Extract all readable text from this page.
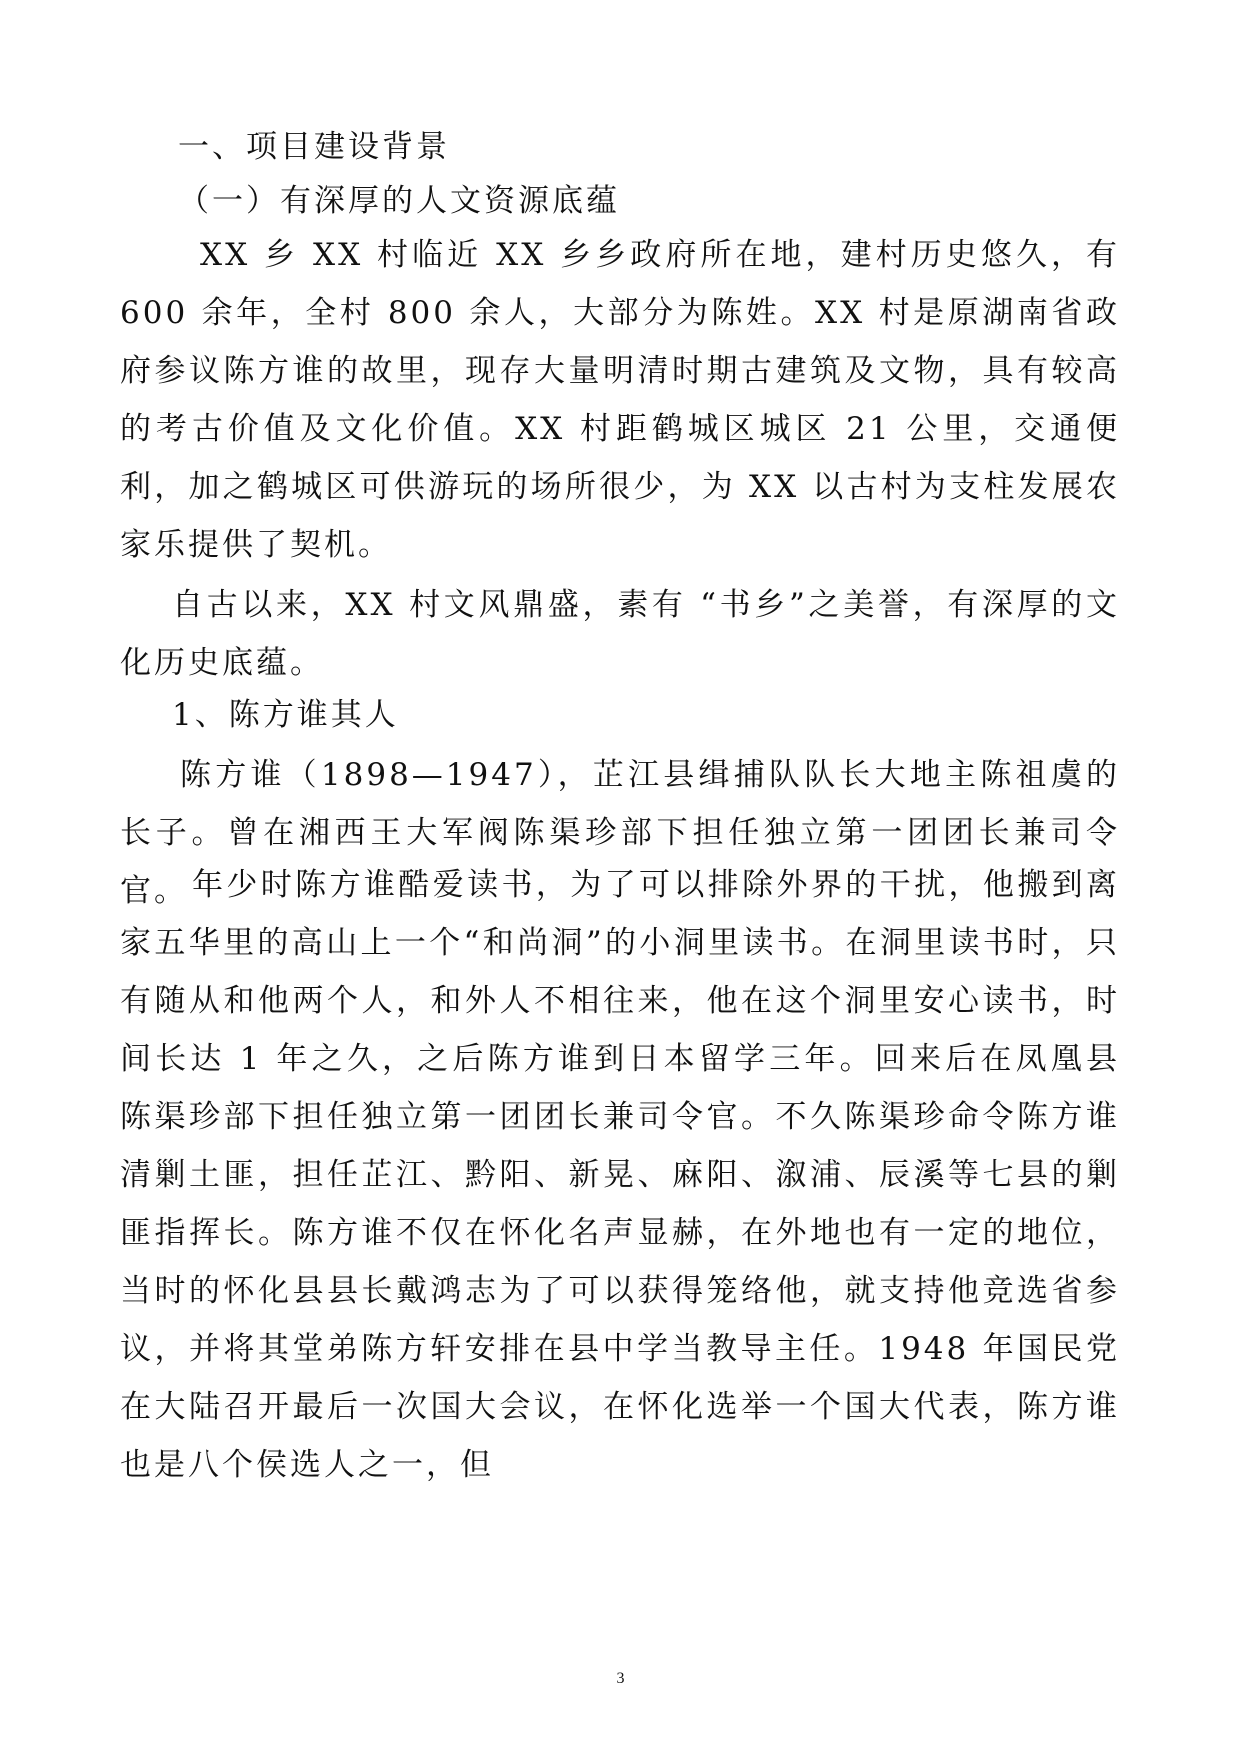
一、项目建设背景
（一）有深厚的人文资源底蕴

XX 乡 XX 村临近 XX 乡乡政府所在地，建村历史悠久，有 600 余年，全村 800 余人，大部分为陈姓。XX 村是原湖南省政府参议陈方谁的故里，现存大量明清时期古建筑及文物，具有较高的考古价值及文化价值。XX 村距鹤城区城区 21 公里，交通便利，加之鹤城区可供游玩的场所很少，为 XX 以古村为支柱发展农家乐提供了契机。

自古以来，XX 村文风鼎盛，素有 “书乡”之美誉，有深厚的文化历史底蕴。

1、陈方谁其人

陈方谁（1898—1947），芷江县缉捕队队长大地主陈祖虞的长子。曾在湘西王大军阀陈渠珍部下担任独立第一团团长兼司令官。 年少时陈方谁酷爱读书，为了可以排除外界的干扰，他搬到离家五华里的高山上一个“和尚洞”的小洞里读书。在洞里读书时，只有随从和他两个人，和外人不相往来，他在这个洞里安心读书，时间长达 1 年之久，之后陈方谁到日本留学三年。回来后在凤凰县陈渠珍部下担任独立第一团团长兼司令官。不久陈渠珍命令陈方谁清剿土匪，担任芷江、黔阳、新晃、麻阳、溆浦、辰溪等七县的剿匪指挥长。陈方谁不仅在怀化名声显赫，在外地也有一定的地位，当时的怀化县县长戴鸿志为了可以获得笼络他，就支持他竞选省参议，并将其堂弟陈方轩安排在县中学当教导主任。1948 年国民党在大陆召开最后一次国大会议，在怀化选举一个国大代表，陈方谁也是八个侯选人之一，但

3
